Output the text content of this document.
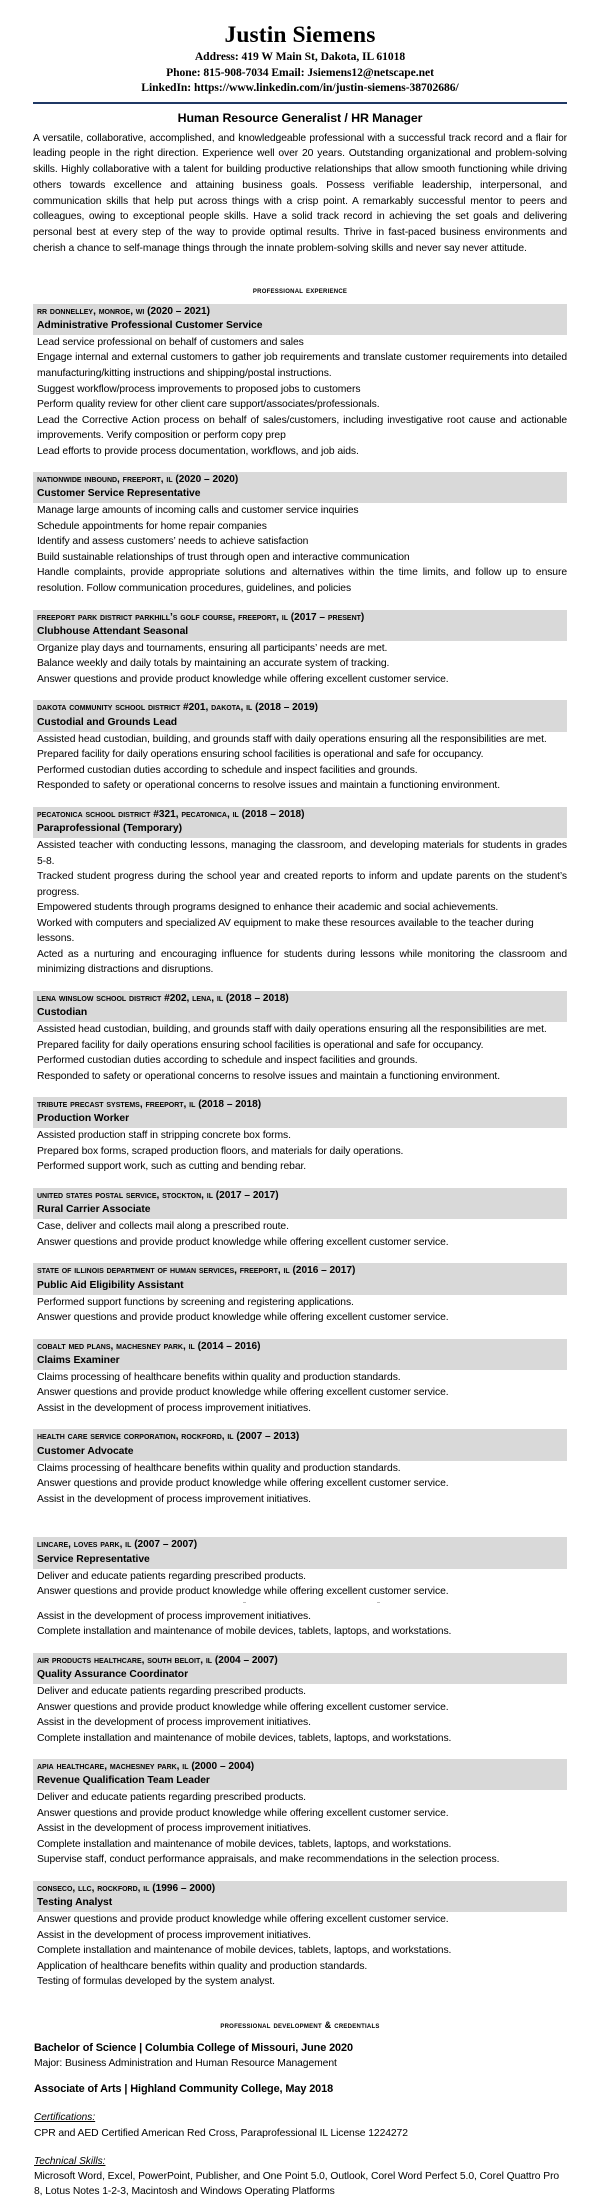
Justin Siemens
Address: 419 W Main St, Dakota, IL 61018
Phone: 815-908-7034 Email: Jsiemens12@netscape.net
LinkedIn: https://www.linkedin.com/in/justin-siemens-38702686/
Human Resource Generalist / HR Manager

A versatile, collaborative, accomplished, and knowledgeable professional with a successful track record and a flair for leading people in the right direction. Experience well over 20 years. Outstanding organizational and problem-solving skills. Highly collaborative with a talent for building productive relationships that allow smooth functioning while driving others towards excellence and attaining business goals. Possess verifiable leadership, interpersonal, and communication skills that help put across things with a crisp point. A remarkably successful mentor to peers and colleagues, owing to exceptional people skills. Have a solid track record in achieving the set goals and delivering personal best at every step of the way to provide optimal results. Thrive in fast-paced business environments and cherish a chance to self-manage things through the innate problem-solving skills and never say never attitude.

professional experience
rr donnelley, monroe, wi (2020 – 2021)
Administrative Professional Customer Service
Lead service professional on behalf of customers and sales
Engage internal and external customers to gather job requirements and translate customer requirements into detailed manufacturing/kitting instructions and shipping/postal instructions.
Suggest workflow/process improvements to proposed jobs to customers
Perform quality review for other client care support/associates/professionals.
Lead the Corrective Action process on behalf of sales/customers, including investigative root cause and actionable improvements. Verify composition or perform copy prep
Lead efforts to provide process documentation, workflows, and job aids.
nationwide inbound, freeport, il (2020 – 2020)
Customer Service Representative
Manage large amounts of incoming calls and customer service inquiries
Schedule appointments for home repair companies
Identify and assess customers’ needs to achieve satisfaction
Build sustainable relationships of trust through open and interactive communication
Handle complaints, provide appropriate solutions and alternatives within the time limits, and follow up to ensure resolution. Follow communication procedures, guidelines, and policies
freeport park district parkhill’s golf course, freeport, il (2017 – present)
Clubhouse Attendant Seasonal
Organize play days and tournaments, ensuring all participants’ needs are met.
Balance weekly and daily totals by maintaining an accurate system of tracking.
Answer questions and provide product knowledge while offering excellent customer service.
dakota community school district #201, dakota, il (2018 – 2019)
Custodial and Grounds Lead
Assisted head custodian, building, and grounds staff with daily operations ensuring all the responsibilities are met.
Prepared facility for daily operations ensuring school facilities is operational and safe for occupancy.
Performed custodian duties according to schedule and inspect facilities and grounds.
Responded to safety or operational concerns to resolve issues and maintain a functioning environment.
pecatonica school district #321, pecatonica, il (2018 – 2018)
Paraprofessional (Temporary)
Assisted teacher with conducting lessons, managing the classroom, and developing materials for students in grades 5-8.
Tracked student progress during the school year and created reports to inform and update parents on the student’s progress.
Empowered students through programs designed to enhance their academic and social achievements.
Worked with computers and specialized AV equipment to make these resources available to the teacher during lessons.
Acted as a nurturing and encouraging influence for students during lessons while monitoring the classroom and minimizing distractions and disruptions.
lena winslow school district #202, lena, il (2018 – 2018)
Custodian
Assisted head custodian, building, and grounds staff with daily operations ensuring all the responsibilities are met.
Prepared facility for daily operations ensuring school facilities is operational and safe for occupancy.
Performed custodian duties according to schedule and inspect facilities and grounds.
Responded to safety or operational concerns to resolve issues and maintain a functioning environment.
tribute precast systems, freeport, il (2018 – 2018)
Production Worker
Assisted production staff in stripping concrete box forms.
Prepared box forms, scraped production floors, and materials for daily operations.
Performed support work, such as cutting and bending rebar.
united states postal service, stockton, il (2017 – 2017)
Rural Carrier Associate
Case, deliver and collects mail along a prescribed route.
Answer questions and provide product knowledge while offering excellent customer service.
state of illinois department of human services, freeport, il (2016 – 2017)
Public Aid Eligibility Assistant
Performed support functions by screening and registering applications.
Answer questions and provide product knowledge while offering excellent customer service.
cobalt med plans, machesney park, il (2014 – 2016)
Claims Examiner
Claims processing of healthcare benefits within quality and production standards.
Answer questions and provide product knowledge while offering excellent customer service.
Assist in the development of process improvement initiatives.
health care service corporation, rockford, il (2007 – 2013)
Customer Advocate
Claims processing of healthcare benefits within quality and production standards.
Answer questions and provide product knowledge while offering excellent customer service.
Assist in the development of process improvement initiatives.
lincare, loves park, il (2007 – 2007)
Service Representative
Deliver and educate patients regarding prescribed products.
Answer questions and provide product knowledge while offering excellent customer service.
Assist in the development of process improvement initiatives.
Complete installation and maintenance of mobile devices, tablets, laptops, and workstations.
air products healthcare, south beloit, il (2004 – 2007)
Quality Assurance Coordinator
Deliver and educate patients regarding prescribed products.
Answer questions and provide product knowledge while offering excellent customer service.
Assist in the development of process improvement initiatives.
Complete installation and maintenance of mobile devices, tablets, laptops, and workstations.
apia healthcare, machesney park, il (2000 – 2004)
Revenue Qualification Team Leader
Deliver and educate patients regarding prescribed products.
Answer questions and provide product knowledge while offering excellent customer service.
Assist in the development of process improvement initiatives.
Complete installation and maintenance of mobile devices, tablets, laptops, and workstations.
Supervise staff, conduct performance appraisals, and make recommendations in the selection process.
conseco, llc, rockford, il (1996 – 2000)
Testing Analyst
Answer questions and provide product knowledge while offering excellent customer service.
Assist in the development of process improvement initiatives.
Complete installation and maintenance of mobile devices, tablets, laptops, and workstations.
Application of healthcare benefits within quality and production standards.
Testing of formulas developed by the system analyst.
professional development & credentials
Bachelor of Science | Columbia College of Missouri, June 2020
Major: Business Administration and Human Resource Management
Associate of Arts | Highland Community College, May 2018
Certifications:
CPR and AED Certified American Red Cross, Paraprofessional IL License 1224272
Technical Skills:
Microsoft Word, Excel, PowerPoint, Publisher, and One Point 5.0, Outlook, Corel Word Perfect 5.0, Corel Quattro Pro 8, Lotus Notes 1-2-3, Macintosh and Windows Operating Platforms
